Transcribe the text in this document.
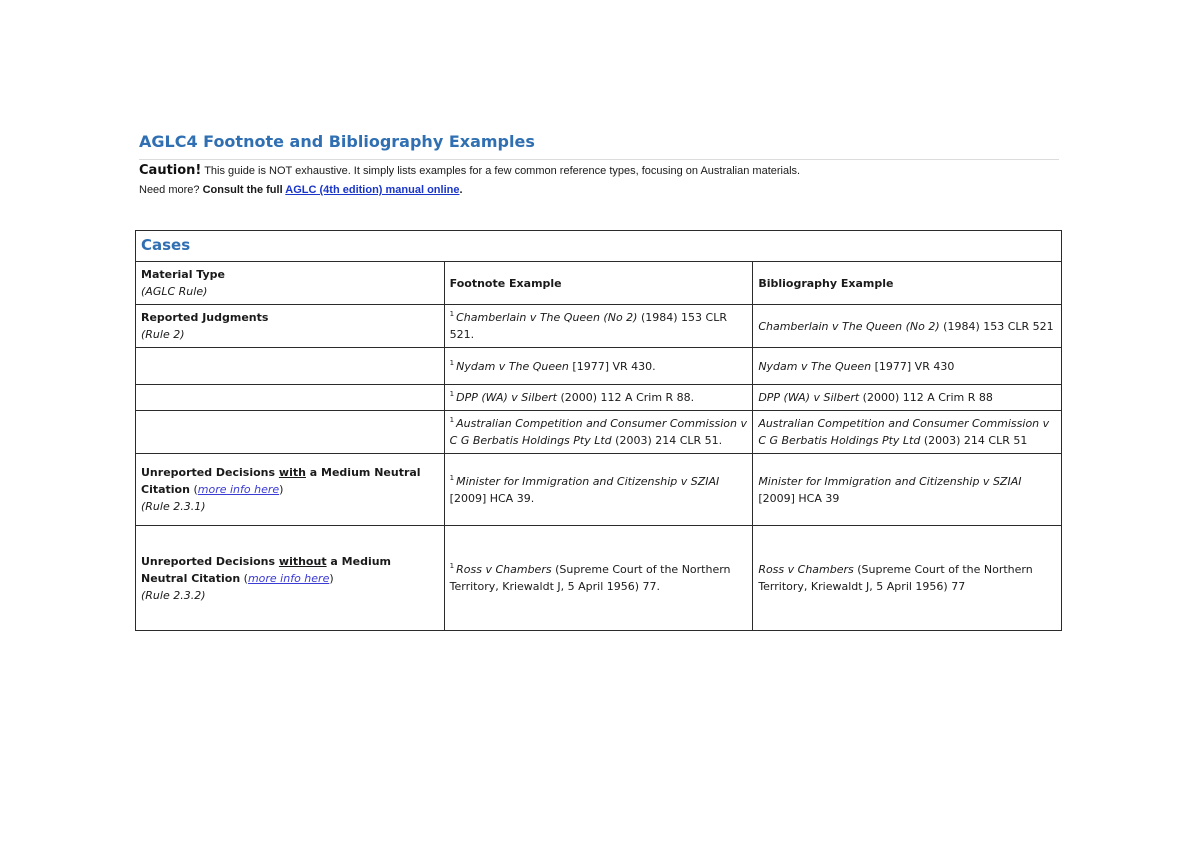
AGLC4 Footnote and Bibliography Examples
Caution! This guide is NOT exhaustive. It simply lists examples for a few common reference types, focusing on Australian materials.
Need more? Consult the full AGLC (4th edition) manual online.
Cases		

Material Type
(AGLC Rule)	Footnote Example	Bibliography Example

Reported Judgments
(Rule 2)	$^1$ Chamberlain v The Queen (No 2) (1984) 153 CLR 521.	Chamberlain v The Queen (No 2) (1984) 153 CLR 521
	$^1$ Nydam v The Queen [1977] VR 430.	Nydam v The Queen [1977] VR 430
	$^1$ DPP (WA) v Silbert (2000) 112 A Crim R 88.	DPP (WA) v Silbert (2000) 112 A Crim R 88
	$^1$ Australian Competition and Consumer Commission v C G Berbatis Holdings Pty Ltd (2003) 214 CLR 51.	Australian Competition and Consumer Commission v C G Berbatis Holdings Pty Ltd (2003) 214 CLR 51
Unreported Decisions with a Medium Neutral Citation (more info here)
(Rule 2.3.1)	$^1$ Minister for Immigration and Citizenship v SZIAI [2009] HCA 39.	Minister for Immigration and Citizenship v SZIAI [2009] HCA 39
Unreported Decisions without a Medium Neutral Citation (more info here)
(Rule 2.3.2)	$^1$ Ross v Chambers (Supreme Court of the Northern Territory, Kriewaldt J, 5 April 1956) 77.	Ross v Chambers (Supreme Court of the Northern Territory, Kriewaldt J, 5 April 1956) 77
